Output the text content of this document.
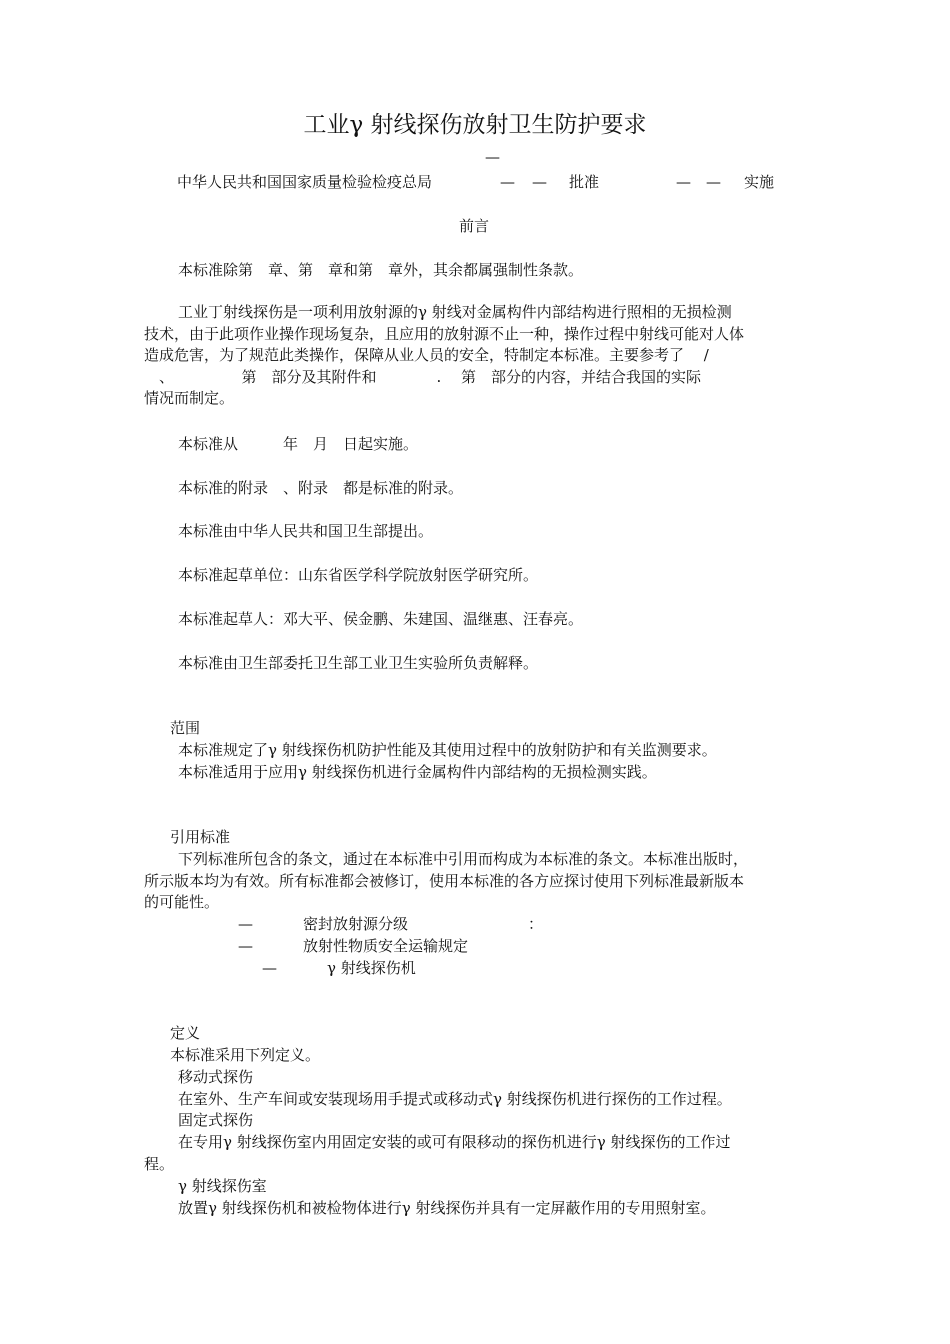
工业γ 射线探伤放射卫生防护要求
—
中华人民共和国国家质量检验检疫总局	— — 批准	— — 实施
前言
本标准除第　章、第　章和第　章外，其余都属强制性条款。
工业丁射线探伤是一项利用放射源的γ 射线对金属构件内部结构进行照相的无损检测
技术，由于此项作业操作现场复杂，且应用的放射源不止一种，操作过程中射线可能对人体
造成危害，为了规范此类操作，保障从业人员的安全，特制定本标准。主要参考了　 /
　、　　　　　第　部分及其附件和　　　　.　 第　部分的内容，并结合我国的实际
情况而制定。
本标准从　　　年　月　日起实施。
本标准的附录　、附录　都是标准的附录。
本标准由中华人民共和国卫生部提出。
本标准起草单位：山东省医学科学院放射医学研究所。
本标准起草人：邓大平、侯金鹏、朱建国、温继惠、汪春亮。
本标准由卫生部委托卫生部工业卫生实验所负责解释。
范围
本标准规定了γ 射线探伤机防护性能及其使用过程中的放射防护和有关监测要求。
本标准适用于应用γ 射线探伤机进行金属构件内部结构的无损检测实践。
引用标准
下列标准所包含的条文，通过在本标准中引用而构成为本标准的条文。本标准出版时，
所示版本均为有效。所有标准都会被修订，使用本标准的各方应探讨使用下列标准最新版本
的可能性。
—	密封放射源分级	：
—	放射性物质安全运输规定
—	γ 射线探伤机
定义
本标准采用下列定义。
移动式探伤
在室外、生产车间或安装现场用手提式或移动式γ 射线探伤机进行探伤的工作过程。
固定式探伤
在专用γ 射线探伤室内用固定安装的或可有限移动的探伤机进行γ 射线探伤的工作过
程。
γ 射线探伤室
放置γ 射线探伤机和被检物体进行γ 射线探伤并具有一定屏蔽作用的专用照射室。
